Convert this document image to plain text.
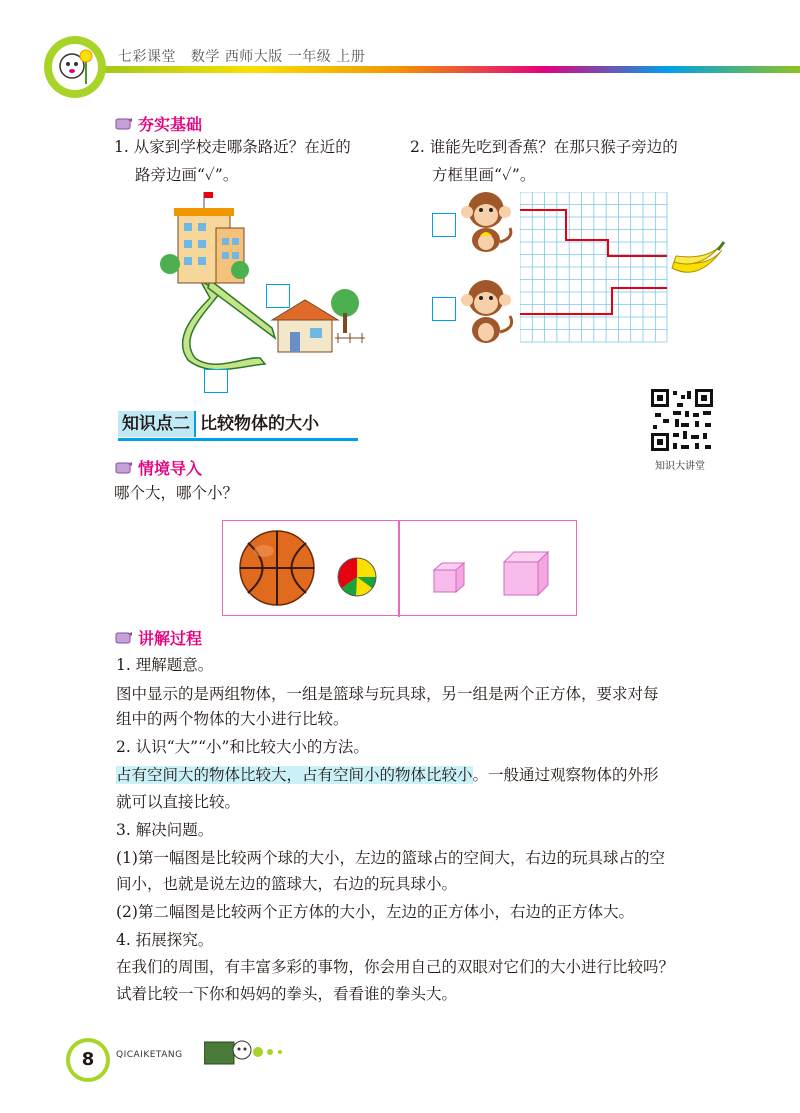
七彩课堂 数学 西师大版 一年级 上册
夯实基础
1. 从家到学校走哪条路近？在近的
路旁边画“✓”。
2. 谁能先吃到香蕉？在那只猴子旁边的
方框里画“✓”。
知识点二 比较物体的大小
知识大讲堂
情境导入
哪个大，哪个小？
讲解过程
1. 理解题意。
图中显示的是两组物体，一组是篮球与玩具球，另一组是两个正方体，要求对每
组中的两个物体的大小进行比较。
2. 认识“大”“小”和比较大小的方法。
占有空间大的物体比较大，占有空间小的物体比较小。一般通过观察物体的外形
就可以直接比较。
3. 解决问题。
(1)第一幅图是比较两个球的大小，左边的篮球占的空间大，右边的玩具球占的空
间小，也就是说左边的篮球大，右边的玩具球小。
(2)第二幅图是比较两个正方体的大小，左边的正方体小，右边的正方体大。
4. 拓展探究。
在我们的周围，有丰富多彩的事物，你会用自己的双眼对它们的大小进行比较吗？
试着比较一下你和妈妈的拳头，看看谁的拳头大。
8	QICAIKETANG
